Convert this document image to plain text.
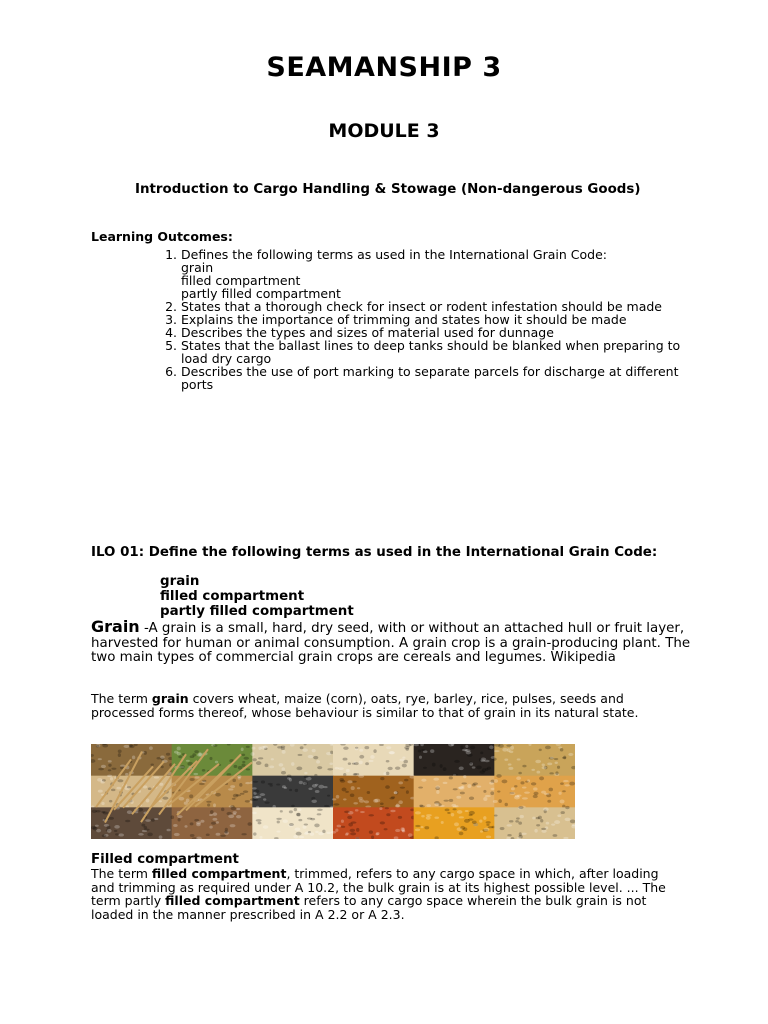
SEAMANSHIP 3
MODULE 3
Introduction to Cargo Handling & Stowage (Non-dangerous Goods)
Learning Outcomes:
1. Defines the following terms as used in the International Grain Code:
grain
filled compartment
partly filled compartment
2. States that a thorough check for insect or rodent infestation should be made
3. Explains the importance of trimming and states how it should be made
4. Describes the types and sizes of material used for dunnage
5. States that the ballast lines to deep tanks should be blanked when preparing to load dry cargo
6. Describes the use of port marking to separate parcels for discharge at different ports
ILO 01: Define the following terms as used in the International Grain Code:
grain
filled compartment
partly filled compartment
Grain -A grain is a small, hard, dry seed, with or without an attached hull or fruit layer, harvested for human or animal consumption. A grain crop is a grain-producing plant. The two main types of commercial grain crops are cereals and legumes. Wikipedia
The term grain covers wheat, maize (corn), oats, rye, barley, rice, pulses, seeds and processed forms thereof, whose behaviour is similar to that of grain in its natural state.
Filled compartment
The term filled compartment, trimmed, refers to any cargo space in which, after loading and trimming as required under A 10.2, the bulk grain is at its highest possible level. ... The term partly filled compartment refers to any cargo space wherein the bulk grain is not loaded in the manner prescribed in A 2.2 or A 2.3.
